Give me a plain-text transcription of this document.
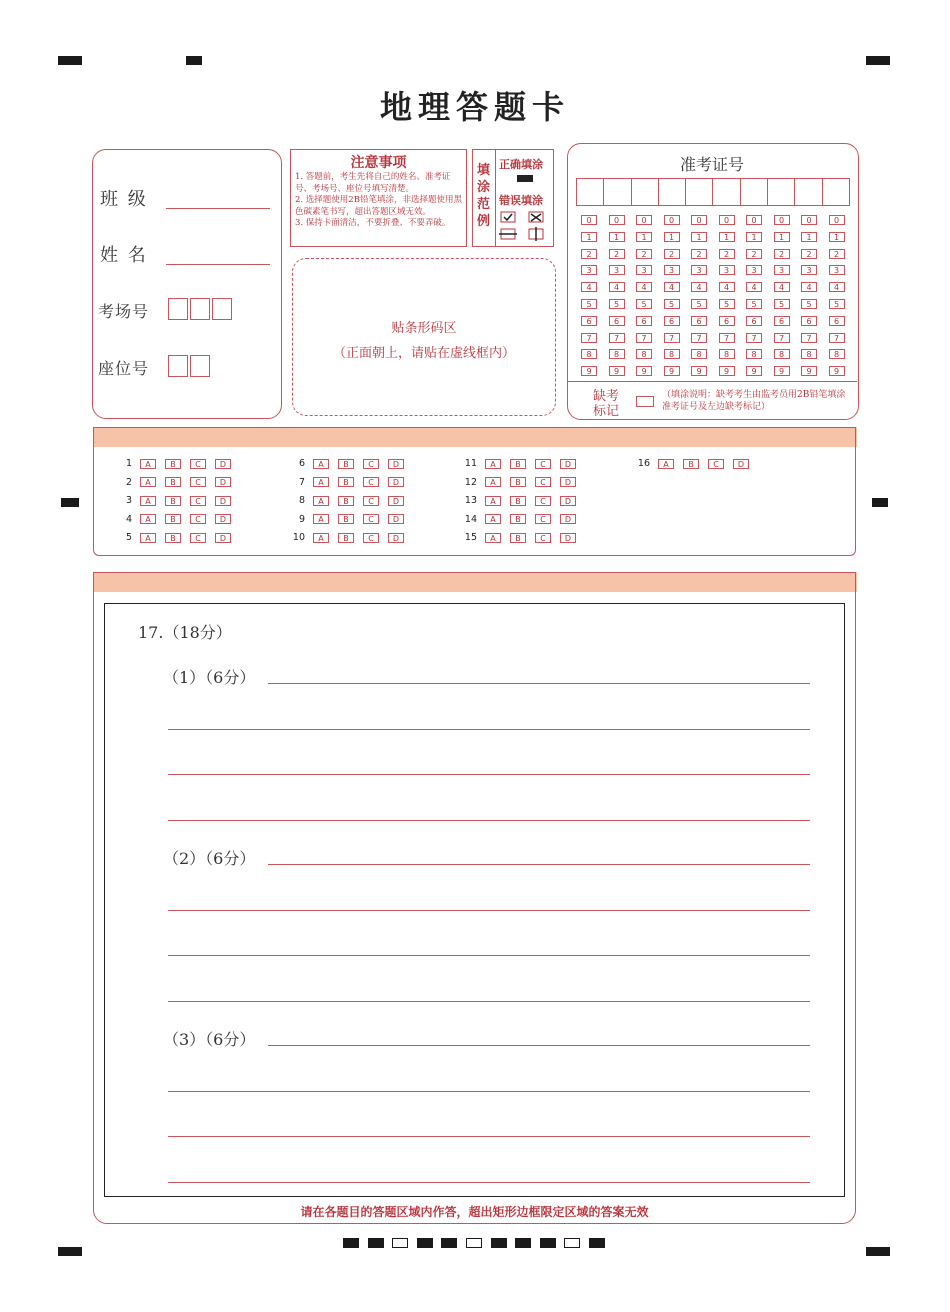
地理答题卡
班 级
姓 名
考场号
座位号
注意事项

1. 答题前，考生先将自己的姓名、准考证号、考场号、座位号填写清楚。

2. 选择题使用2B铅笔填涂，非选择题使用黑色碳素笔书写，超出答题区域无效。

3. 保持卡面清洁，不要折叠、不要弄破。

填涂范例
正确填涂
错误填涂
贴条形码区
（正面朝上，请贴在虚线框内）
准考证号
0	0	0	0	0	0	0	0	0	0
1	1	1	1	1	1	1	1	1	1
2	2	2	2	2	2	2	2	2	2
3	3	3	3	3	3	3	3	3	3
4	4	4	4	4	4	4	4	4	4
5	5	5	5	5	5	5	5	5	5
6	6	6	6	6	6	6	6	6	6
7	7	7	7	7	7	7	7	7	7
8	8	8	8	8	8	8	8	8	8
9	9	9	9	9	9	9	9	9	9
缺考
标记
（填涂说明：缺考考生由监考员用2B铅笔填涂准考证号及左边缺考标记）
1 A B C D
2 A B C D
3 A B C D
4 A B C D
5 A B C D
6 A B C D
7 A B C D
8 A B C D
9 A B C D
10 A B C D
11 A B C D
12 A B C D
13 A B C D
14 A B C D
15 A B C D
16 A B C D
17.（18分）
（1）（6分）
（2）（6分）
（3）（6分）
请在各题目的答题区域内作答，超出矩形边框限定区域的答案无效
